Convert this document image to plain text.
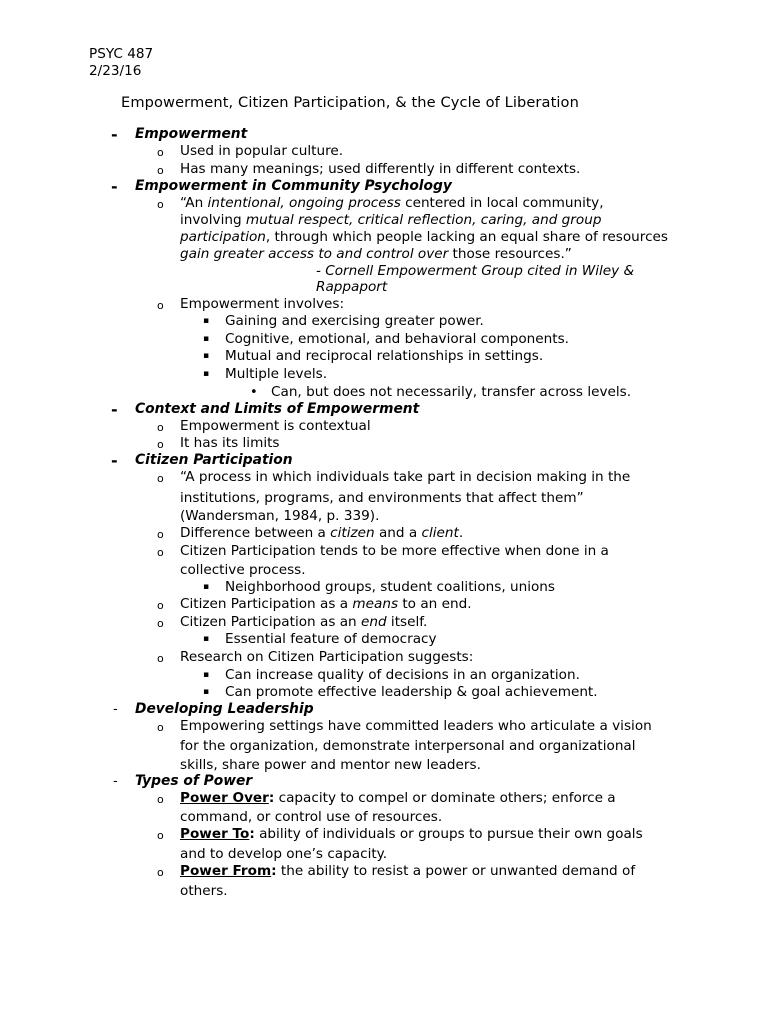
PSYC 487
2/23/16
Empowerment, Citizen Participation, & the Cycle of Liberation
- Empowerment
o Used in popular culture.
o Has many meanings; used differently in different contexts.
- Empowerment in Community Psychology
o “An intentional, ongoing process centered in local community,
involving mutual respect, critical reflection, caring, and group
participation, through which people lacking an equal share of resources
gain greater access to and control over those resources.”
- Cornell Empowerment Group cited in Wiley &
Rappaport
o Empowerment involves:
▪ Gaining and exercising greater power.
▪ Cognitive, emotional, and behavioral components.
▪ Mutual and reciprocal relationships in settings.
▪ Multiple levels.
• Can, but does not necessarily, transfer across levels.
- Context and Limits of Empowerment
o Empowerment is contextual
o It has its limits
- Citizen Participation
o “A process in which individuals take part in decision making in the
institutions, programs, and environments that affect them”
(Wandersman, 1984, p. 339).
o Difference between a citizen and a client.
o Citizen Participation tends to be more effective when done in a
collective process.
▪ Neighborhood groups, student coalitions, unions
o Citizen Participation as a means to an end.
o Citizen Participation as an end itself.
▪ Essential feature of democracy
o Research on Citizen Participation suggests:
▪ Can increase quality of decisions in an organization.
▪ Can promote effective leadership & goal achievement.
- Developing Leadership
o Empowering settings have committed leaders who articulate a vision
for the organization, demonstrate interpersonal and organizational
skills, share power and mentor new leaders.
- Types of Power
o Power Over: capacity to compel or dominate others; enforce a
command, or control use of resources.
o Power To: ability of individuals or groups to pursue their own goals
and to develop one’s capacity.
o Power From: the ability to resist a power or unwanted demand of
others.
